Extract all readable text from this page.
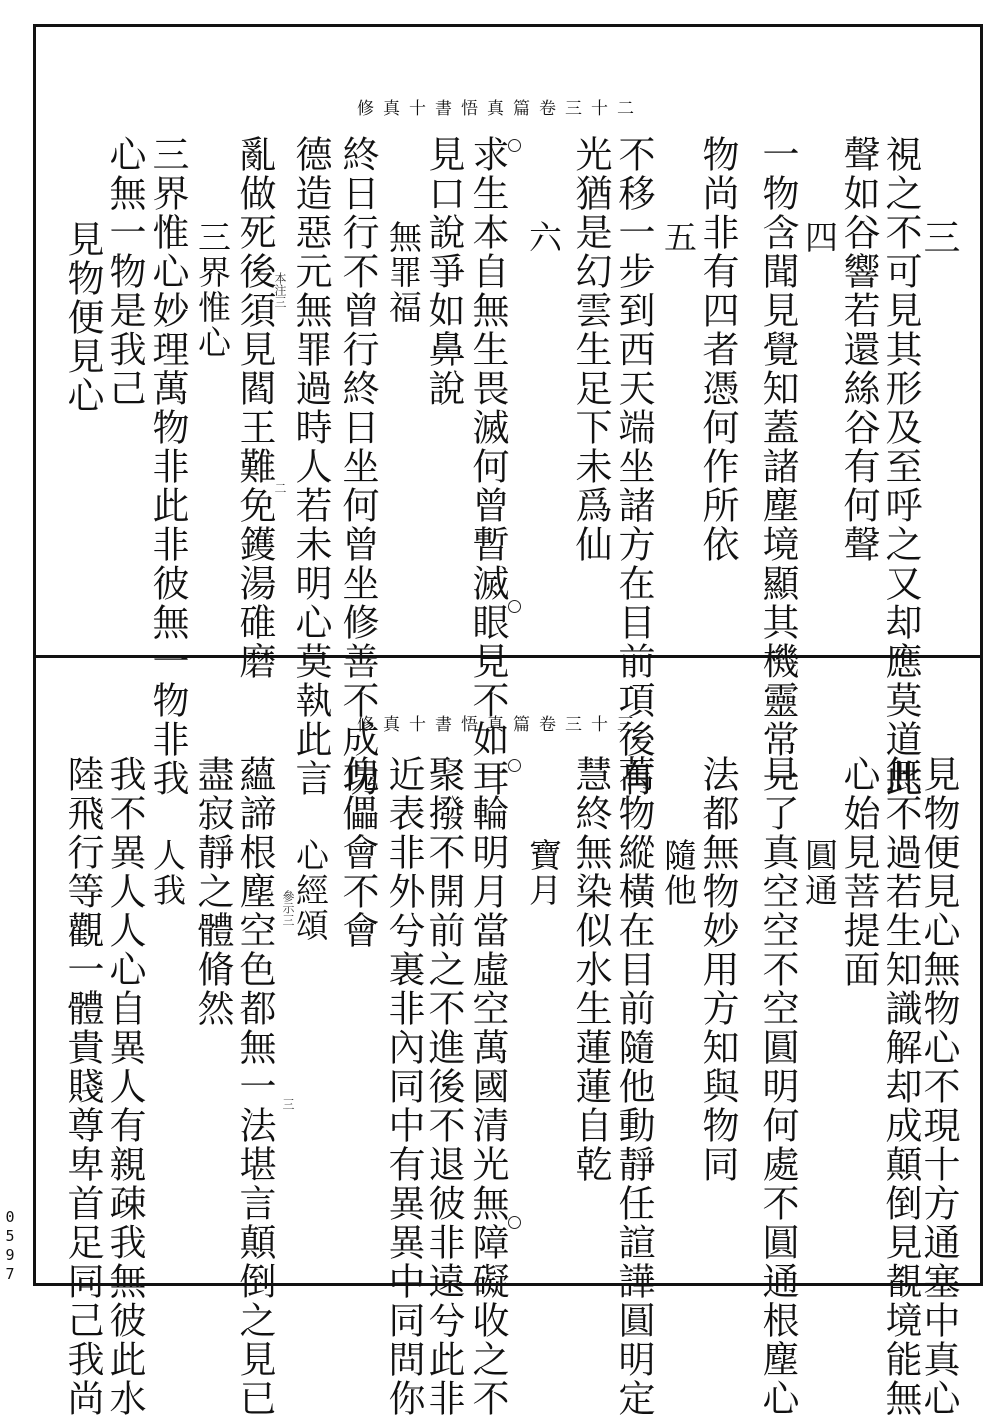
修真十書悟真篇卷三十二
三
視之不可見其形及至呼之又却應莫道此
聲如谷響若還絲谷有何聲
四
一物含聞見覺知蓋諸塵境顯其機靈常一
物尚非有四者憑何作所依
五
不移一步到西天端坐諸方在目前項後有
光猶是幻雲生足下未爲仙
六
求生本自無生畏滅何曾暫滅眼見不如耳
見口說爭如鼻說
無罪福
終日行不曾行終日坐何曾坐修善不成功
德造惡元無罪過時人若未明心莫執此言
亂做死後須見閻王難免鑊湯碓磨
三界惟心
三界惟心妙理萬物非此非彼無一物非我
心無一物是我己
見物便見心	本注三
二
修真十書悟真篇卷三十三
見物便見心無物心不現十方通塞中真心
無不過若生知識解却成顛倒見覩境能無
心始見菩提面
圓通
見了真空空不空圓明何處不圓通根塵心
法都無物妙用方知與物同
隨他
萬物縱橫在目前隨他動靜任諠譁圓明定
慧終無染似水生蓮蓮自乾
寶月
一輪明月當虛空萬國清光無障礙收之不
聚撥不開前之不進後不退彼非遠兮此非
近表非外兮裏非內同中有異異中同問你
傀儡會不會
心經頌
蘊諦根塵空色都無一法堪言顛倒之見已
盡寂靜之體脩然
人我
我不異人人心自異人有親疎我無彼此水
陸飛行等觀一體貴賤尊卑首足同己我尚	參示三
三
0
5
9
7
